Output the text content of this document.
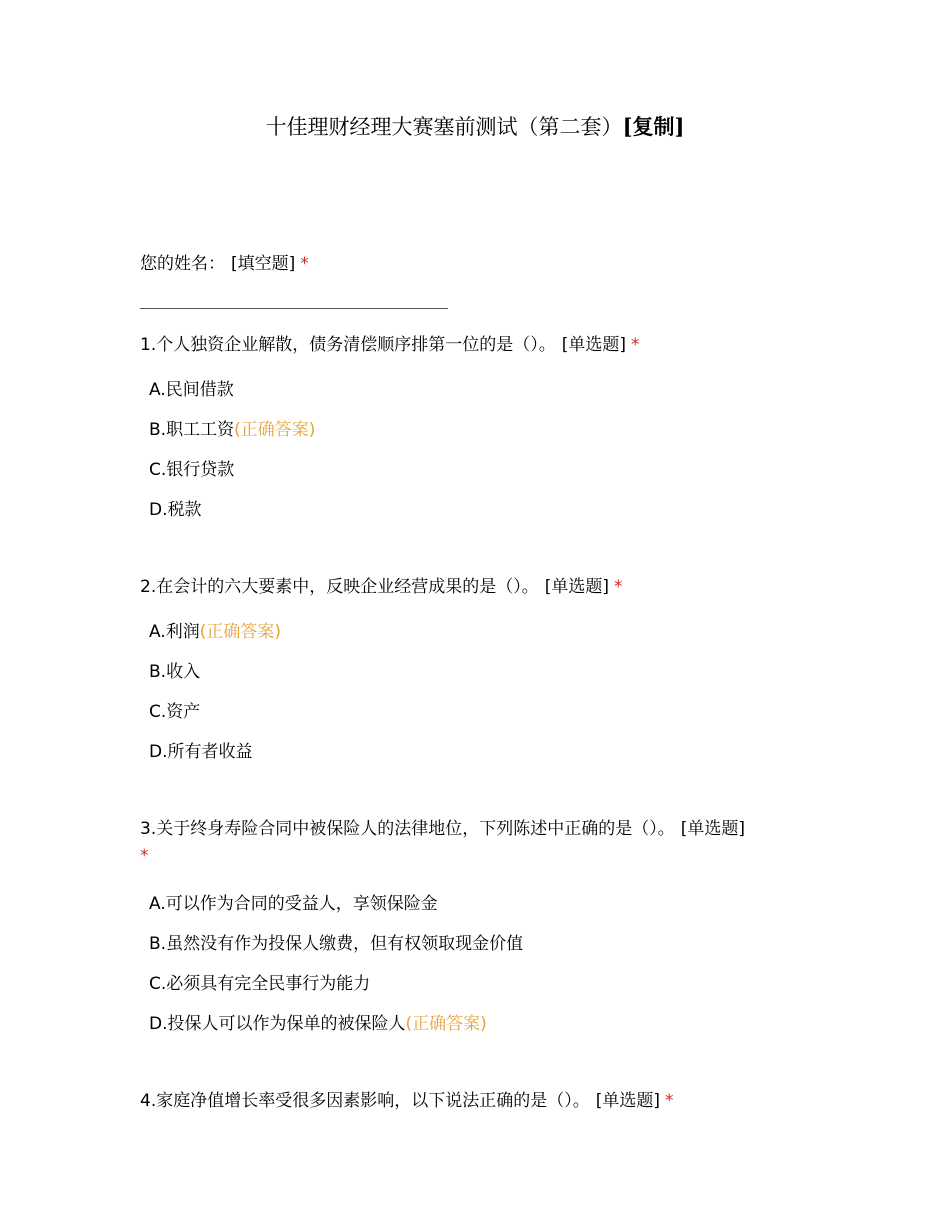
十佳理财经理大赛塞前测试（第二套）[复制]
您的姓名： [填空题] *
1.个人独资企业解散，债务清偿顺序排第一位的是（）。 [单选题] *
A.民间借款
B.职工工资(正确答案)
C.银行贷款
D.税款
2.在会计的六大要素中，反映企业经营成果的是（）。 [单选题] *
A.利润(正确答案)
B.收入
C.资产
D.所有者收益
3.关于终身寿险合同中被保险人的法律地位，下列陈述中正确的是（）。 [单选题]
*
A.可以作为合同的受益人，享领保险金
B.虽然没有作为投保人缴费，但有权领取现金价值
C.必须具有完全民事行为能力
D.投保人可以作为保单的被保险人(正确答案)
4.家庭净值增长率受很多因素影响，以下说法正确的是（）。 [单选题] *
